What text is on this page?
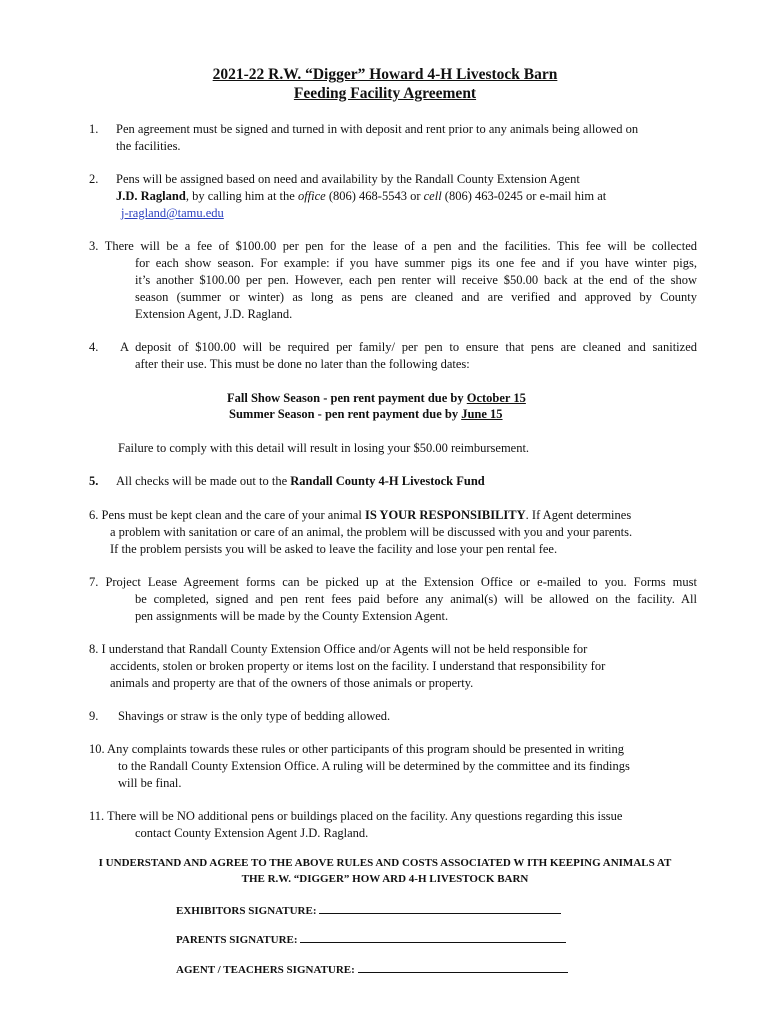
2021-22 R.W. “Digger” Howard 4-H Livestock Barn
Feeding Facility Agreement
1. Pen agreement must be signed and turned in with deposit and rent prior to any animals being allowed on
the facilities.
2. Pens will be assigned based on need and availability by the Randall County Extension Agent
J.D. Ragland, by calling him at the office (806) 468-5543 or cell (806) 463-0245 or e-mail him at
j-ragland@tamu.edu
3. There will be a fee of $100.00 per pen for the lease of a pen and the facilities. This fee will be collected
for each show season. For example: if you have summer pigs its one fee and if you have winter pigs,
it’s another $100.00 per pen. However, each pen renter will receive $50.00 back at the end of the show
season (summer or winter) as long as pens are cleaned and are verified and approved by County
Extension Agent, J.D. Ragland.
4. A deposit of $100.00 will be required per family/ per pen to ensure that pens are cleaned and sanitized
after their use. This must be done no later than the following dates:
Fall Show Season - pen rent payment due by October 15
Summer Season - pen rent payment due by June 15
Failure to comply with this detail will result in losing your $50.00 reimbursement.
5. All checks will be made out to the Randall County 4-H Livestock Fund
6. Pens must be kept clean and the care of your animal IS YOUR RESPONSIBILITY. If Agent determines
a problem with sanitation or care of an animal, the problem will be discussed with you and your parents.
If the problem persists you will be asked to leave the facility and lose your pen rental fee.
7. Project Lease Agreement forms can be picked up at the Extension Office or e-mailed to you. Forms must
be completed, signed and pen rent fees paid before any animal(s) will be allowed on the facility. All
pen assignments will be made by the County Extension Agent.
8. I understand that Randall County Extension Office and/or Agents will not be held responsible for
accidents, stolen or broken property or items lost on the facility. I understand that responsibility for
animals and property are that of the owners of those animals or property.
9. Shavings or straw is the only type of bedding allowed.
10. Any complaints towards these rules or other participants of this program should be presented in writing
to the Randall County Extension Office. A ruling will be determined by the committee and its findings
will be final.
11. There will be NO additional pens or buildings placed on the facility. Any questions regarding this issue
contact County Extension Agent J.D. Ragland.
I UNDERSTAND AND AGREE TO THE ABOVE RULES AND COSTS ASSOCIATED W ITH KEEPING ANIMALS AT
THE R.W. “DIGGER” HOW ARD 4-H LIVESTOCK BARN
EXHIBITORS SIGNATURE:
PARENTS SIGNATURE:
AGENT / TEACHERS SIGNATURE:
